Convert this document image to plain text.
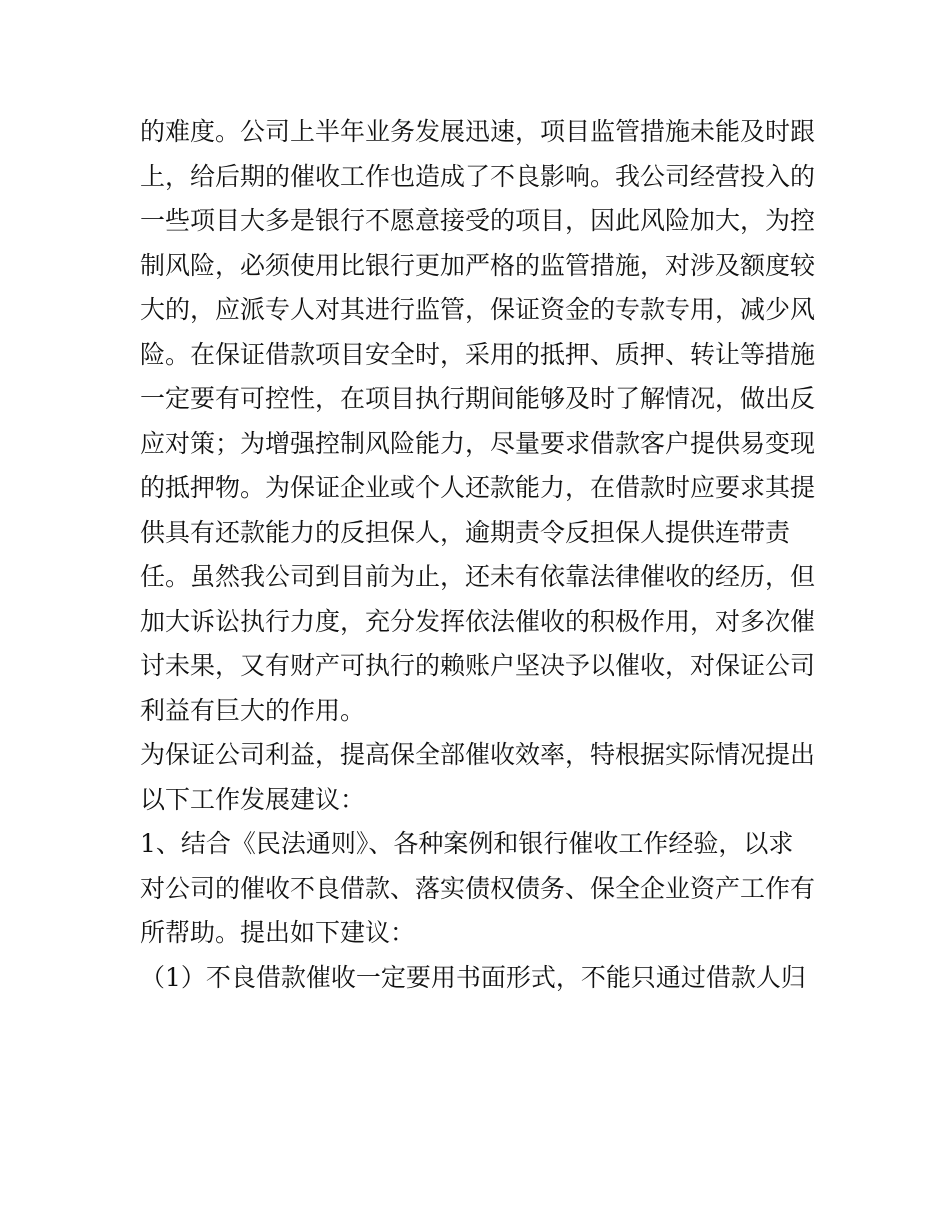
的难度。公司上半年业务发展迅速，项目监管措施未能及时跟
上，给后期的催收工作也造成了不良影响。我公司经营投入的
一些项目大多是银行不愿意接受的项目，因此风险加大，为控
制风险，必须使用比银行更加严格的监管措施，对涉及额度较
大的，应派专人对其进行监管，保证资金的专款专用，减少风
险。在保证借款项目安全时，采用的抵押、质押、转让等措施
一定要有可控性，在项目执行期间能够及时了解情况，做出反
应对策；为增强控制风险能力，尽量要求借款客户提供易变现
的抵押物。为保证企业或个人还款能力，在借款时应要求其提
供具有还款能力的反担保人，逾期责令反担保人提供连带责
任。虽然我公司到目前为止，还未有依靠法律催收的经历，但
加大诉讼执行力度，充分发挥依法催收的积极作用，对多次催
讨未果，又有财产可执行的赖账户坚决予以催收，对保证公司
利益有巨大的作用。
为保证公司利益，提高保全部催收效率，特根据实际情况提出
以下工作发展建议：
1、结合《民法通则》、各种案例和银行催收工作经验，以求
对公司的催收不良借款、落实债权债务、保全企业资产工作有
所帮助。提出如下建议：
（1）不良借款催收一定要用书面形式，不能只通过借款人归
